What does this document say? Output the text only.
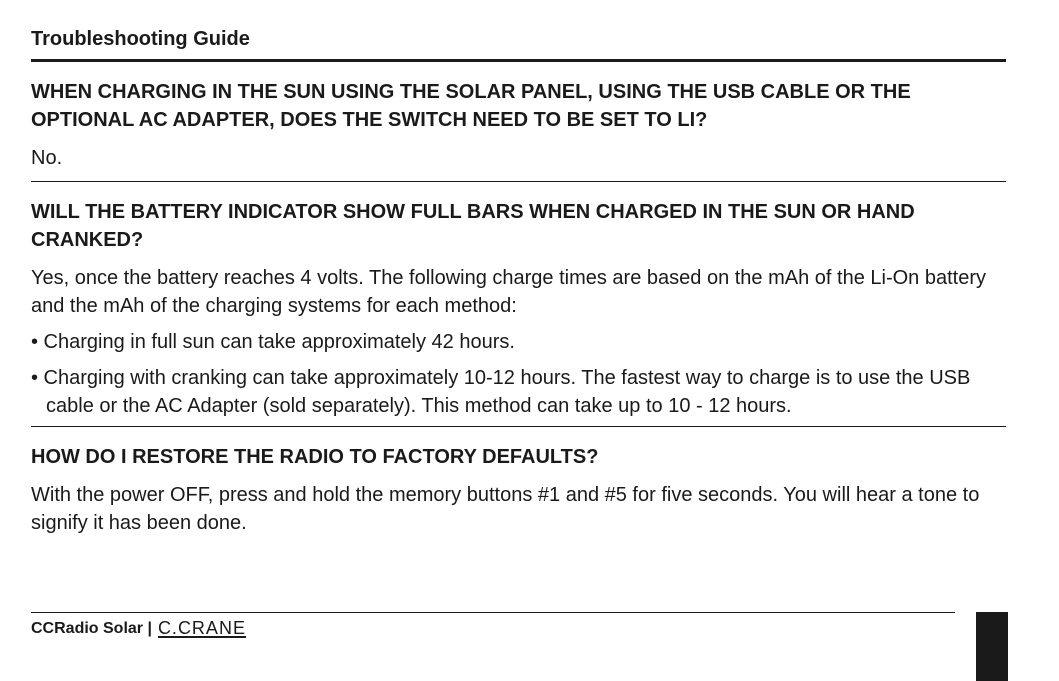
Troubleshooting Guide

WHEN CHARGING IN THE SUN USING THE SOLAR PANEL, USING THE USB CABLE OR THE OPTIONAL AC ADAPTER, DOES THE SWITCH NEED TO BE SET TO LI?

No.

WILL THE BATTERY INDICATOR SHOW FULL BARS WHEN CHARGED IN THE SUN OR HAND CRANKED?

Yes, once the battery reaches 4 volts. The following charge times are based on the mAh of the Li-On battery and the mAh of the charging systems for each method:

• Charging in full sun can take approximately 42 hours.

• Charging with cranking can take approximately 10-12 hours. The fastest way to charge is to use the USB cable or the AC Adapter (sold separately). This method can take up to 10 - 12 hours.

HOW DO I RESTORE THE RADIO TO FACTORY DEFAULTS?

With the power OFF, press and hold the memory buttons #1 and #5 for five seconds. You will hear a tone to signify it has been done.

CCRadio Solar | C.CRANE
